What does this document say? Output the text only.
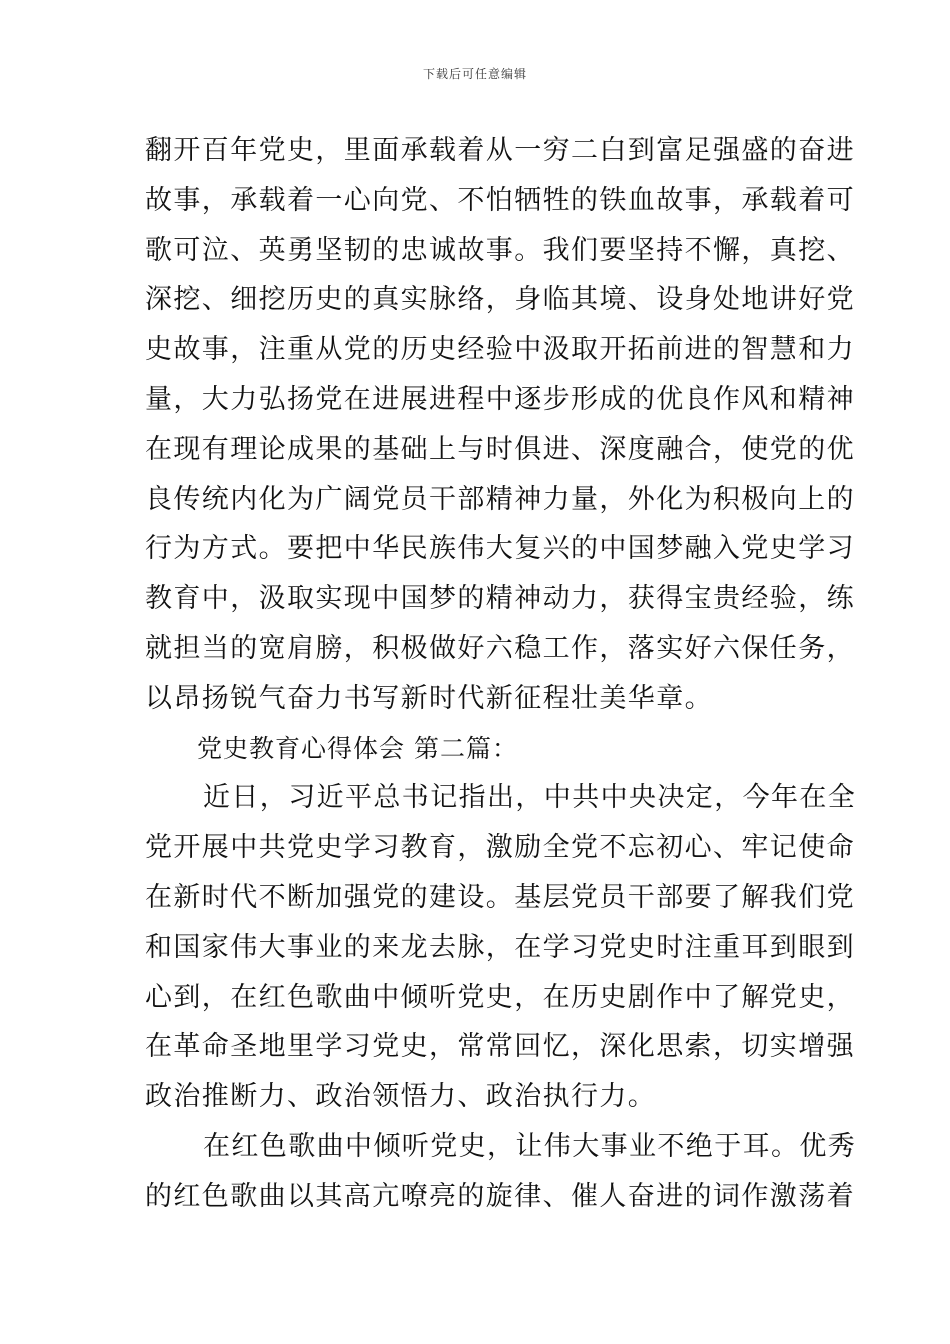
下载后可任意编辑
翻开百年党史，里面承载着从一穷二白到富足强盛的奋进
故事，承载着一心向党、不怕牺牲的铁血故事，承载着可
歌可泣、英勇坚韧的忠诚故事。我们要坚持不懈，真挖、
深挖、细挖历史的真实脉络，身临其境、设身处地讲好党
史故事，注重从党的历史经验中汲取开拓前进的智慧和力
量，大力弘扬党在进展进程中逐步形成的优良作风和精神
在现有理论成果的基础上与时俱进、深度融合，使党的优
良传统内化为广阔党员干部精神力量，外化为积极向上的
行为方式。要把中华民族伟大复兴的中国梦融入党史学习
教育中，汲取实现中国梦的精神动力，获得宝贵经验，练
就担当的宽肩膀，积极做好六稳工作，落实好六保任务，
以昂扬锐气奋力书写新时代新征程壮美华章。
党史教育心得体会 第二篇：
近日，习近平总书记指出，中共中央决定，今年在全
党开展中共党史学习教育，激励全党不忘初心、牢记使命
在新时代不断加强党的建设。基层党员干部要了解我们党
和国家伟大事业的来龙去脉，在学习党史时注重耳到眼到
心到，在红色歌曲中倾听党史，在历史剧作中了解党史，
在革命圣地里学习党史，常常回忆，深化思索，切实增强
政治推断力、政治领悟力、政治执行力。
在红色歌曲中倾听党史，让伟大事业不绝于耳。优秀
的红色歌曲以其高亢嘹亮的旋律、催人奋进的词作激荡着
